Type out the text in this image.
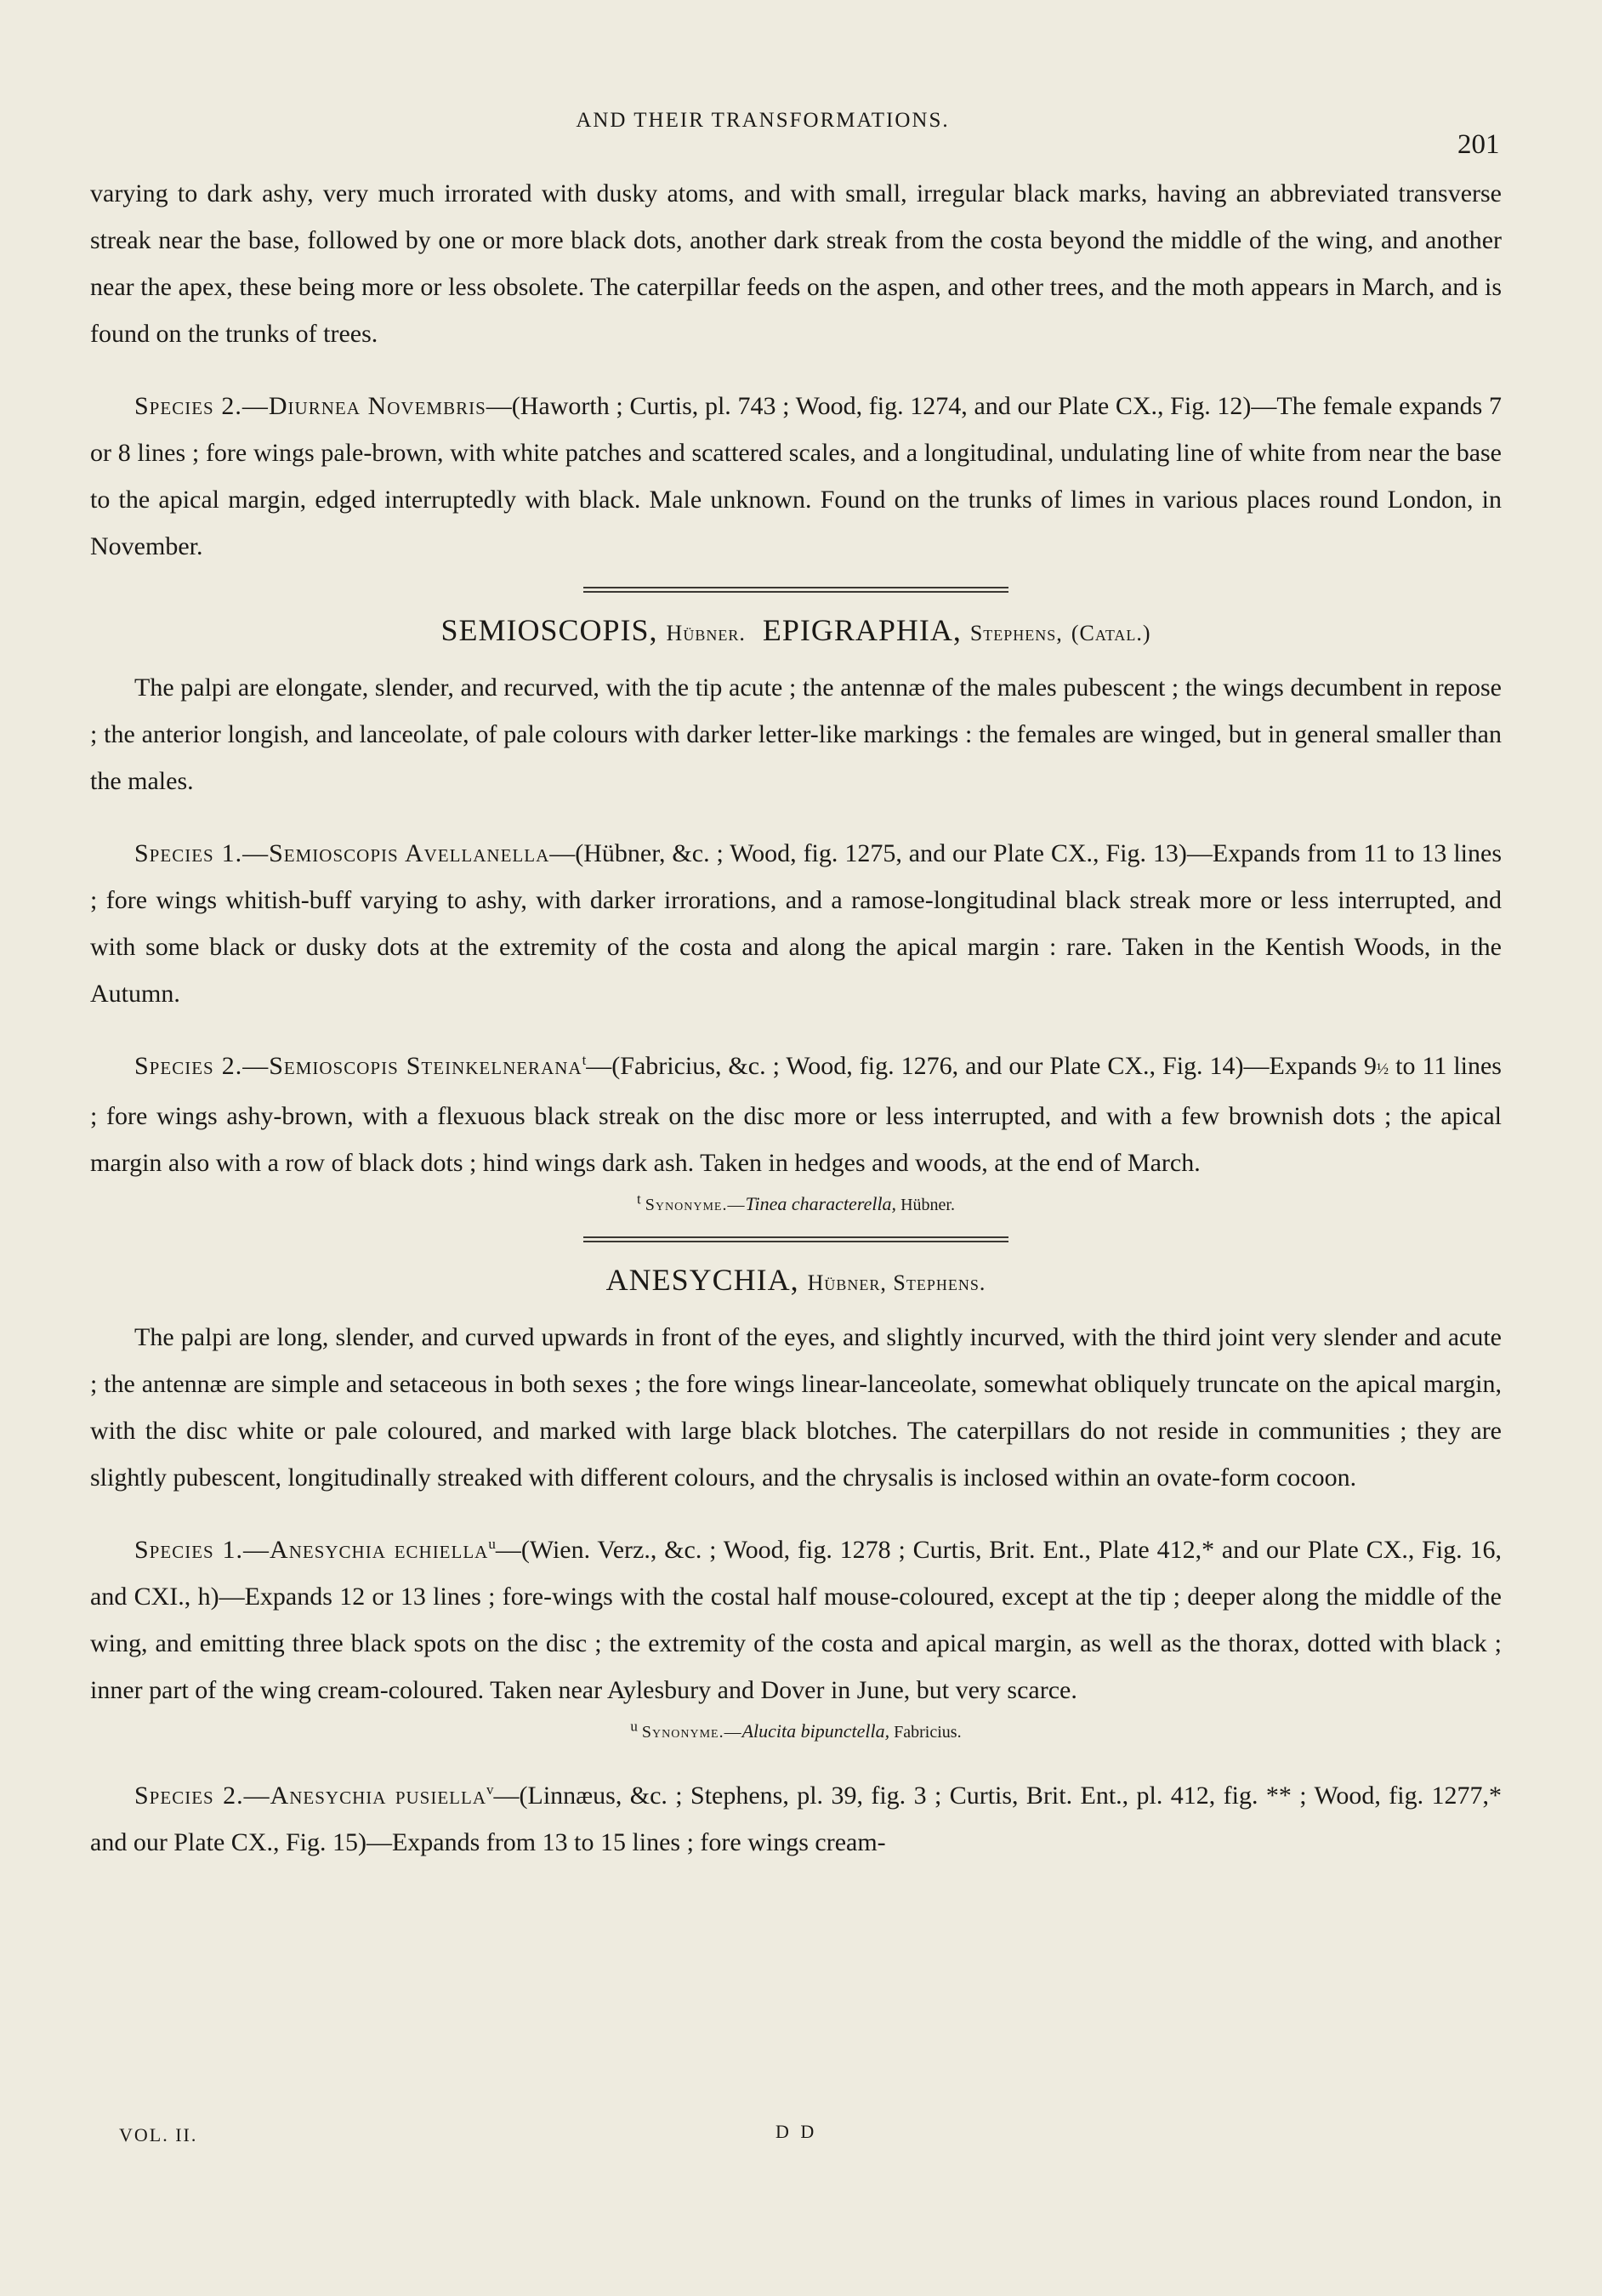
AND THEIR TRANSFORMATIONS.
201

varying to dark ashy, very much irrorated with dusky atoms, and with small, irregular black marks, having an abbreviated transverse streak near the base, followed by one or more black dots, another dark streak from the costa beyond the middle of the wing, and another near the apex, these being more or less obsolete. The caterpillar feeds on the aspen, and other trees, and the moth appears in March, and is found on the trunks of trees.

Species 2.—Diurnea Novembris—(Haworth ; Curtis, pl. 743 ; Wood, fig. 1274, and our Plate CX., Fig. 12)—The female expands 7 or 8 lines ; fore wings pale-brown, with white patches and scattered scales, and a longitudinal, undulating line of white from near the base to the apical margin, edged interruptedly with black. Male unknown. Found on the trunks of limes in various places round London, in November.

SEMIOSCOPIS, Hübner. EPIGRAPHIA, Stephens, (Catal.)

The palpi are elongate, slender, and recurved, with the tip acute ; the antennæ of the males pubescent ; the wings decumbent in repose ; the anterior longish, and lanceolate, of pale colours with darker letter-like markings : the females are winged, but in general smaller than the males.

Species 1.—Semioscopis Avellanella—(Hübner, &c. ; Wood, fig. 1275, and our Plate CX., Fig. 13)—Expands from 11 to 13 lines ; fore wings whitish-buff varying to ashy, with darker irrorations, and a ramose-longitudinal black streak more or less interrupted, and with some black or dusky dots at the extremity of the costa and along the apical margin : rare. Taken in the Kentish Woods, in the Autumn.

Species 2.—Semioscopis Steinkelnerana$^t$—(Fabricius, &c. ; Wood, fig. 1276, and our Plate CX., Fig. 14)—Expands 9½ to 11 lines ; fore wings ashy-brown, with a flexuous black streak on the disc more or less interrupted, and with a few brownish dots ; the apical margin also with a row of black dots ; hind wings dark ash. Taken in hedges and woods, at the end of March.

$^t$ Synonyme.—Tinea characterella, Hübner.
ANESYCHIA, Hübner, Stephens.

The palpi are long, slender, and curved upwards in front of the eyes, and slightly incurved, with the third joint very slender and acute ; the antennæ are simple and setaceous in both sexes ; the fore wings linear-lanceolate, somewhat obliquely truncate on the apical margin, with the disc white or pale coloured, and marked with large black blotches. The caterpillars do not reside in communities ; they are slightly pubescent, longitudinally streaked with different colours, and the chrysalis is inclosed within an ovate-form cocoon.

Species 1.—Anesychia echiella$^u$—(Wien. Verz., &c. ; Wood, fig. 1278 ; Curtis, Brit. Ent., Plate 412,* and our Plate CX., Fig. 16, and CXI., h)—Expands 12 or 13 lines ; fore-wings with the costal half mouse-coloured, except at the tip ; deeper along the middle of the wing, and emitting three black spots on the disc ; the extremity of the costa and apical margin, as well as the thorax, dotted with black ; inner part of the wing cream-coloured. Taken near Aylesbury and Dover in June, but very scarce.

$^u$ Synonyme.—Alucita bipunctella, Fabricius.

Species 2.—Anesychia pusiella$^v$—(Linnæus, &c. ; Stephens, pl. 39, fig. 3 ; Curtis, Brit. Ent., pl. 412, fig. ** ; Wood, fig. 1277,* and our Plate CX., Fig. 15)—Expands from 13 to 15 lines ; fore wings cream-

VOL. II.	D D
